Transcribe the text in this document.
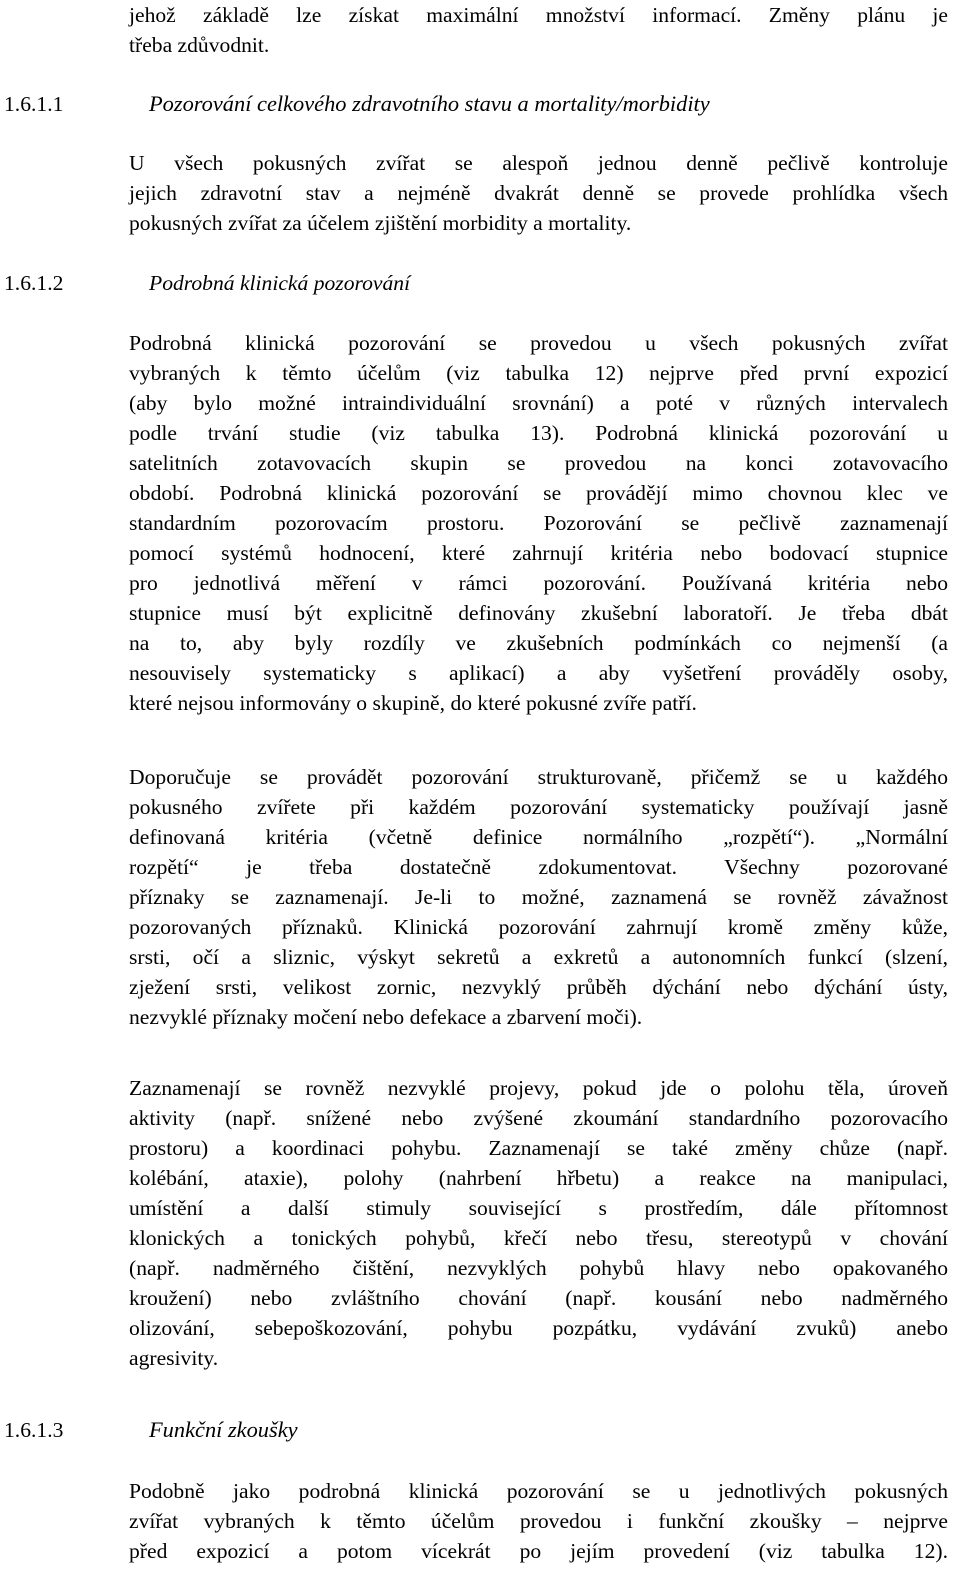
jehož základě lze získat maximální množství informací. Změny plánu je
třeba zdůvodnit.
1.6.1.1	Pozorování celkového zdravotního stavu a mortality/morbidity
U všech pokusných zvířat se alespoň jednou denně pečlivě kontroluje
jejich zdravotní stav a nejméně dvakrát denně se provede prohlídka všech
pokusných zvířat za účelem zjištění morbidity a mortality.
1.6.1.2	Podrobná klinická pozorování
Podrobná klinická pozorování se provedou u všech pokusných zvířat
vybraných k těmto účelům (viz tabulka 12) nejprve před první expozicí
(aby bylo možné intraindividuální srovnání) a poté v různých intervalech
podle trvání studie (viz tabulka 13). Podrobná klinická pozorování u
satelitních zotavovacích skupin se provedou na konci zotavovacího
období. Podrobná klinická pozorování se provádějí mimo chovnou klec ve
standardním pozorovacím prostoru. Pozorování se pečlivě zaznamenají
pomocí systémů hodnocení, které zahrnují kritéria nebo bodovací stupnice
pro jednotlivá měření v rámci pozorování. Používaná kritéria nebo
stupnice musí být explicitně definovány zkušební laboratoří. Je třeba dbát
na to, aby byly rozdíly ve zkušebních podmínkách co nejmenší (a
nesouvisely systematicky s aplikací) a aby vyšetření prováděly osoby,
které nejsou informovány o skupině, do které pokusné zvíře patří.
Doporučuje se provádět pozorování strukturovaně, přičemž se u každého
pokusného zvířete při každém pozorování systematicky používají jasně
definovaná kritéria (včetně definice normálního „rozpětí“). „Normální
rozpětí“ je třeba dostatečně zdokumentovat. Všechny pozorované
příznaky se zaznamenají. Je-li to možné, zaznamená se rovněž závažnost
pozorovaných příznaků. Klinická pozorování zahrnují kromě změny kůže,
srsti, očí a sliznic, výskyt sekretů a exkretů a autonomních funkcí (slzení,
zježení srsti, velikost zornic, nezvyklý průběh dýchání nebo dýchání ústy,
nezvyklé příznaky močení nebo defekace a zbarvení moči).
Zaznamenají se rovněž nezvyklé projevy, pokud jde o polohu těla, úroveň
aktivity (např. snížené nebo zvýšené zkoumání standardního pozorovacího
prostoru) a koordinaci pohybu. Zaznamenají se také změny chůze (např.
kolébání, ataxie), polohy (nahrbení hřbetu) a reakce na manipulaci,
umístění a další stimuly související s prostředím, dále přítomnost
klonických a tonických pohybů, křečí nebo třesu, stereotypů v chování
(např. nadměrného čištění, nezvyklých pohybů hlavy nebo opakovaného
kroužení) nebo zvláštního chování (např. kousání nebo nadměrného
olizování, sebepoškozování, pohybu pozpátku, vydávání zvuků) anebo
agresivity.
1.6.1.3	Funkční zkoušky
Podobně jako podrobná klinická pozorování se u jednotlivých pokusných
zvířat vybraných k těmto účelům provedou i funkční zkoušky – nejprve
před expozicí a potom vícekrát po jejím provedení (viz tabulka 12).
